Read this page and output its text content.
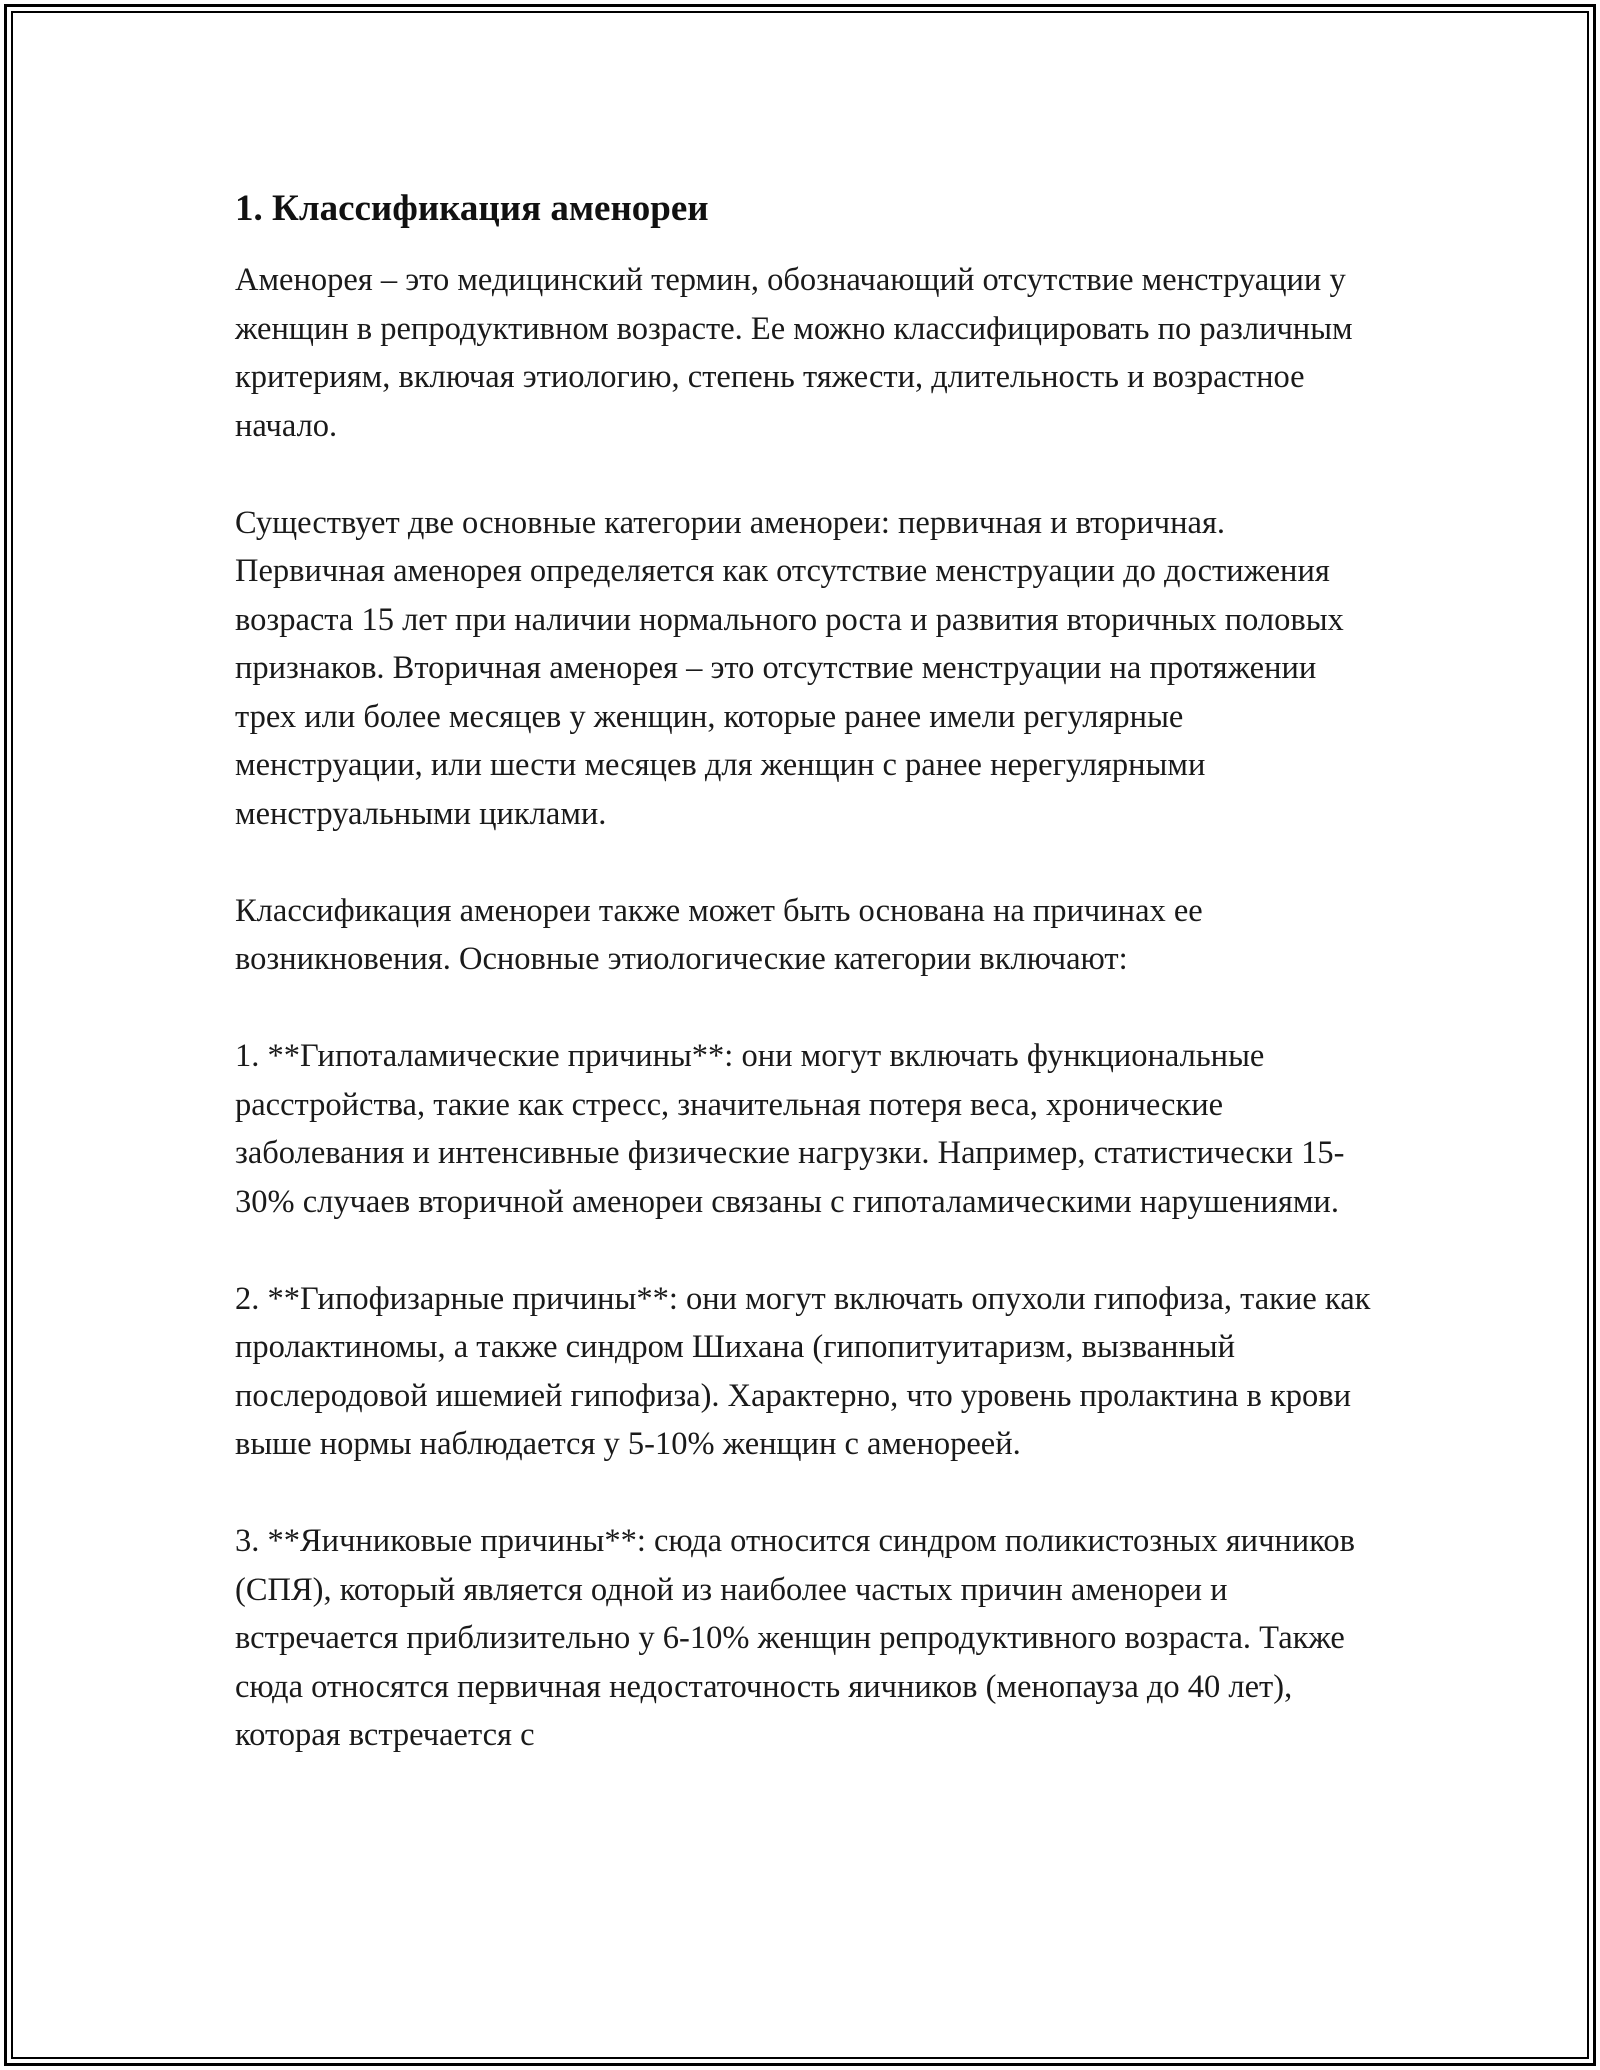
1. Классификация аменореи

Аменорея – это медицинский термин, обозначающий отсутствие менструации у женщин в репродуктивном возрасте. Ее можно классифицировать по различным критериям, включая этиологию, степень тяжести, длительность и возрастное начало.

Существует две основные категории аменореи: первичная и вторичная. Первичная аменорея определяется как отсутствие менструации до достижения возраста 15 лет при наличии нормального роста и развития вторичных половых признаков. Вторичная аменорея – это отсутствие менструации на протяжении трех или более месяцев у женщин, которые ранее имели регулярные менструации, или шести месяцев для женщин с ранее нерегулярными менструальными циклами.

Классификация аменореи также может быть основана на причинах ее возникновения. Основные этиологические категории включают:

1. **Гипоталамические причины**: они могут включать функциональные расстройства, такие как стресс, значительная потеря веса, хронические заболевания и интенсивные физические нагрузки. Например, статистически 15-30% случаев вторичной аменореи связаны с гипоталамическими нарушениями.

2. **Гипофизарные причины**: они могут включать опухоли гипофиза, такие как пролактиномы, а также синдром Шихана (гипопитуитаризм, вызванный послеродовой ишемией гипофиза). Характерно, что уровень пролактина в крови выше нормы наблюдается у 5-10% женщин с аменореей.

3. **Яичниковые причины**: сюда относится синдром поликистозных яичников (СПЯ), который является одной из наиболее частых причин аменореи и встречается приблизительно у 6-10% женщин репродуктивного возраста. Также сюда относятся первичная недостаточность яичников (менопауза до 40 лет), которая встречается с
